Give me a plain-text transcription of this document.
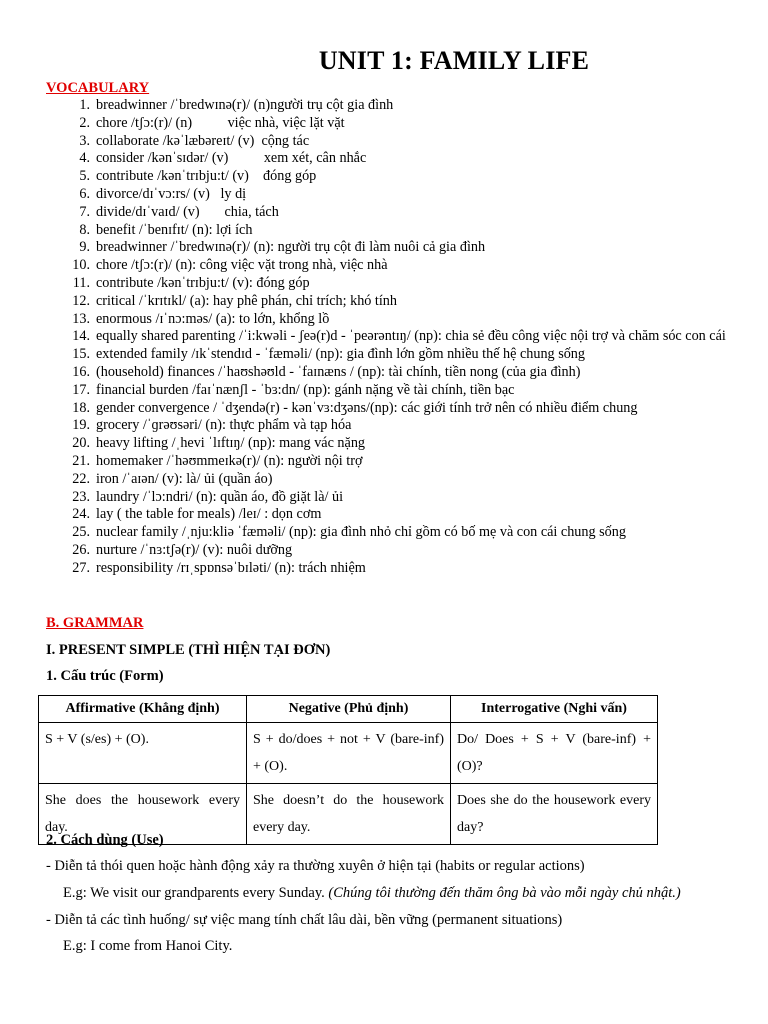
UNIT 1: FAMILY LIFE
VOCABULARY
1. breadwinner /ˈbredwɪnə(r)/ (n)người trụ cột gia đình
2. chore /tʃɔ:(r)/ (n)          việc nhà, việc lặt vặt
3. collaborate /kəˈlæbəreɪt/ (v)  cộng tác
4. consider /kənˈsɪdər/ (v)          xem xét, cân nhắc
5. contribute /kənˈtrɪbju:t/ (v)    đóng góp
6. divorce/dɪˈvɔ:rs/ (v)   ly dị
7. divide/dɪˈvaɪd/ (v)       chia, tách
8. benefit /ˈbenɪfɪt/ (n): lợi ích
9. breadwinner /ˈbredwɪnə(r)/ (n): người trụ cột đi làm nuôi cả gia đình
10. chore /tʃɔ:(r)/ (n): công việc vặt trong nhà, việc nhà
11. contribute /kənˈtrɪbju:t/ (v): đóng góp
12. critical /ˈkrɪtɪkl/ (a): hay phê phán, chỉ trích; khó tính
13. enormous /ɪˈnɔ:məs/ (a): to lớn, khổng lồ
14. equally shared parenting /ˈi:kwəli - ʃeə(r)d - ˈpeərəntɪŋ/ (np): chia sẻ đều công việc nội trợ và chăm sóc con cái
15. extended family /ɪkˈstendɪd - ˈfæməli/ (np): gia đình lớn gồm nhiều thế hệ chung sống
16. (household) finances /ˈhaʊshəʊld - ˈfaɪnæns / (np): tài chính, tiền nong (của gia đình)
17. financial burden /faɪˈnænʃl - ˈbɜ:dn/ (np): gánh nặng về tài chính, tiền bạc
18. gender convergence / ˈdʒendə(r) - kənˈvɜ:dʒəns/(np): các giới tính trở nên có nhiều điểm chung
19. grocery /ˈɡrəʊsəri/ (n): thực phẩm và tạp hóa
20. heavy lifting /ˌhevi ˈlɪftɪŋ/ (np): mang vác nặng
21. homemaker /ˈhəʊmmeɪkə(r)/ (n): người nội trợ
22. iron /ˈaɪən/ (v): là/ ủi (quần áo)
23. laundry /ˈlɔ:ndri/ (n): quần áo, đồ giặt là/ ủi
24. lay ( the table for meals) /leɪ/ : dọn cơm
25. nuclear family /ˌnju:kliə ˈfæməli/ (np): gia đình nhỏ chỉ gồm có bố mẹ và con cái chung sống
26. nurture /ˈnɜ:tʃə(r)/ (v): nuôi dưỡng
27. responsibility /rɪˌspɒnsəˈbɪləti/ (n): trách nhiệm
B. GRAMMAR
I. PRESENT SIMPLE (THÌ HIỆN TẠI ĐƠN)
1. Cấu trúc (Form)
Affirmative (Khẳng định)	Negative (Phủ định)	Interrogative (Nghi vấn)
S + V (s/es) + (O).	S + do/does + not + V (bare-inf) + (O).	Do/ Does + S + V (bare-inf) + (O)?
She does the housework every day.	She doesn’t do the housework every day.	Does she do the housework every day?
2. Cách dùng (Use)
- Diễn tả thói quen hoặc hành động xảy ra thường xuyên ở hiện tại (habits or regular actions)
E.g: We visit our grandparents every Sunday. (Chúng tôi thường đến thăm ông bà vào mỗi ngày chủ nhật.)
- Diễn tả các tình huống/ sự việc mang tính chất lâu dài, bền vững (permanent situations)
E.g: I come from Hanoi City.
